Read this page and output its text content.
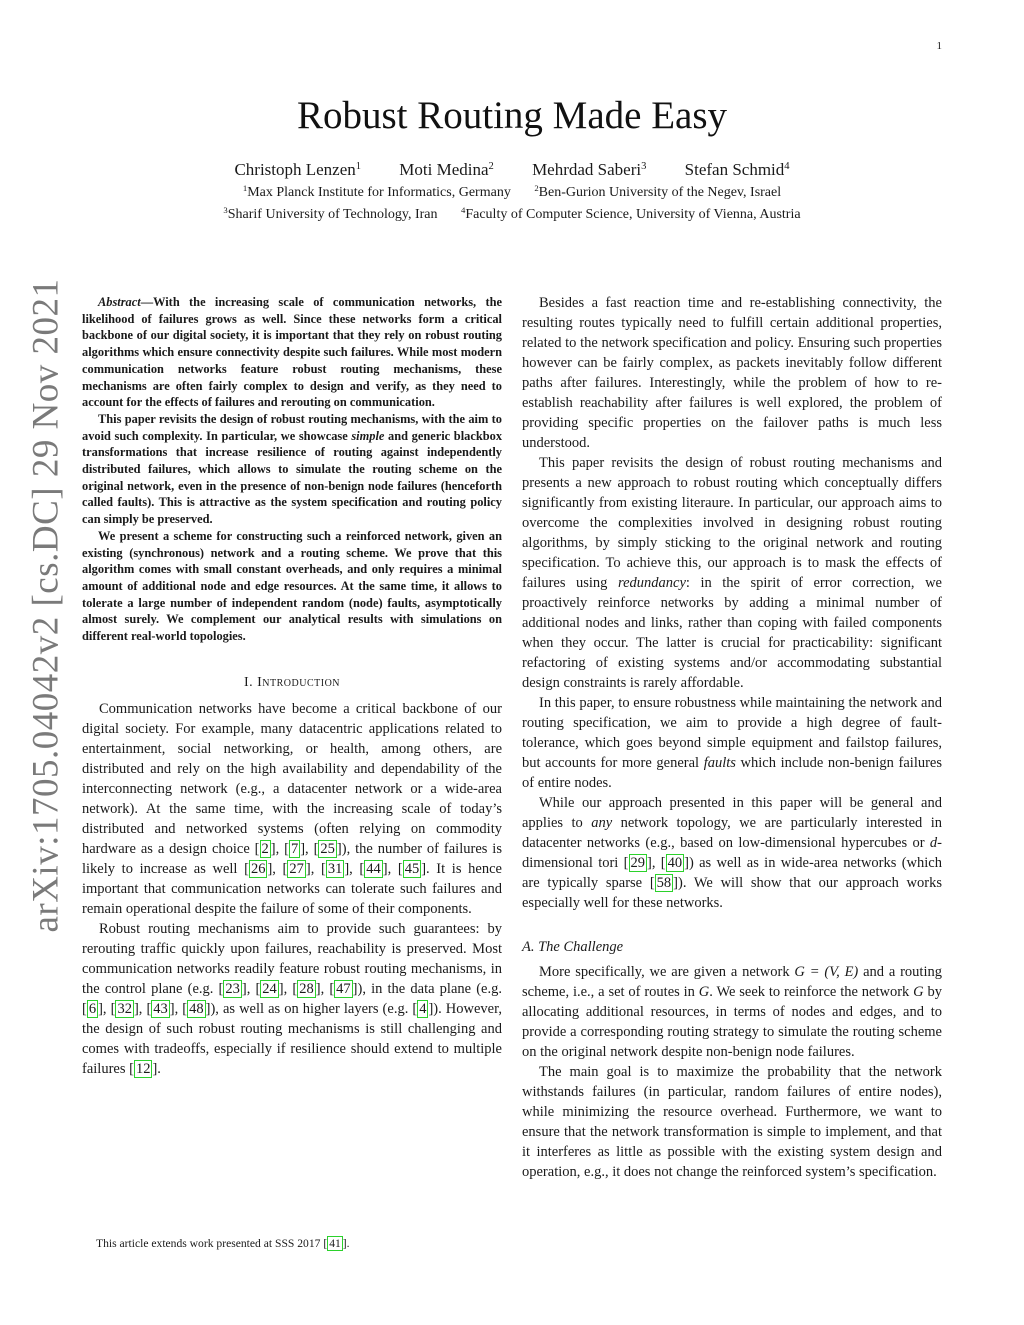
1
arXiv:1705.04042v2 [cs.DC] 29 Nov 2021
Robust Routing Made Easy
Christoph Lenzen$^1$ Moti Medina$^2$ Mehrdad Saberi$^3$ Stefan Schmid$^4$
$^1$Max Planck Institute for Informatics, Germany	$^2$Ben-Gurion University of the Negev, Israel
$^3$Sharif University of Technology, Iran	$^4$Faculty of Computer Science, University of Vienna, Austria

Abstract—With the increasing scale of communication networks, the likelihood of failures grows as well. Since these networks form a critical backbone of our digital society, it is important that they rely on robust routing algorithms which ensure connectivity despite such failures. While most modern communication networks feature robust routing mechanisms, these mechanisms are often fairly complex to design and verify, as they need to account for the effects of failures and rerouting on communication.

This paper revisits the design of robust routing mechanisms, with the aim to avoid such complexity. In particular, we showcase simple and generic blackbox transformations that increase resilience of routing against independently distributed failures, which allows to simulate the routing scheme on the original network, even in the presence of non-benign node failures (henceforth called faults). This is attractive as the system specification and routing policy can simply be preserved.

We present a scheme for constructing such a reinforced network, given an existing (synchronous) network and a routing scheme. We prove that this algorithm comes with small constant overheads, and only requires a minimal amount of additional node and edge resources. At the same time, it allows to tolerate a large number of independent random (node) faults, asymptotically almost surely. We complement our analytical results with simulations on different real-world topologies.

I. Introduction

Communication networks have become a critical backbone of our digital society. For example, many datacentric applications related to entertainment, social networking, or health, among others, are distributed and rely on the high availability and dependability of the interconnecting network (e.g., a datacenter network or a wide-area network). At the same time, with the increasing scale of today’s distributed and networked systems (often relying on commodity hardware as a design choice [ 2 ], [ 7 ], [ 25 ]), the number of failures is likely to increase as well [ 26 ], [ 27 ], [ 31 ], [ 44 ], [ 45 ]. It is hence important that communication networks can tolerate such failures and remain operational despite the failure of some of their components.

Robust routing mechanisms aim to provide such guarantees: by rerouting traffic quickly upon failures, reachability is preserved. Most communication networks readily feature robust routing mechanisms, in the control plane (e.g. [ 23 ], [ 24 ], [ 28 ], [ 47 ]), in the data plane (e.g. [ 6 ], [ 32 ], [ 43 ], [ 48 ]), as well as on higher layers (e.g. [ 4 ]). However, the design of such robust routing mechanisms is still challenging and comes with tradeoffs, especially if resilience should extend to multiple failures [ 12 ].

This article extends work presented at SSS 2017 [ 41 ].

Besides a fast reaction time and re-establishing connectivity, the resulting routes typically need to fulfill certain additional properties, related to the network specification and policy. Ensuring such properties however can be fairly complex, as packets inevitably follow different paths after failures. Interestingly, while the problem of how to re-establish reachability after failures is well explored, the problem of providing specific properties on the failover paths is much less understood.

This paper revisits the design of robust routing mechanisms and presents a new approach to robust routing which conceptually differs significantly from existing literaure. In particular, our approach aims to overcome the complexities involved in designing robust routing algorithms, by simply sticking to the original network and routing specification. To achieve this, our approach is to mask the effects of failures using redundancy: in the spirit of error correction, we proactively reinforce networks by adding a minimal number of additional nodes and links, rather than coping with failed components when they occur. The latter is crucial for practicability: significant refactoring of existing systems and/or accommodating substantial design constraints is rarely affordable.

In this paper, to ensure robustness while maintaining the network and routing specification, we aim to provide a high degree of fault-tolerance, which goes beyond simple equipment and failstop failures, but accounts for more general faults which include non-benign failures of entire nodes.

While our approach presented in this paper will be general and applies to any network topology, we are particularly interested in datacenter networks (e.g., based on low-dimensional hypercubes or d-dimensional tori [ 29 ], [ 40 ]) as well as in wide-area networks (which are typically sparse [ 58 ]). We will show that our approach works especially well for these networks.

A. The Challenge

More specifically, we are given a network G = (V, E) and a routing scheme, i.e., a set of routes in G. We seek to reinforce the network G by allocating additional resources, in terms of nodes and edges, and to provide a corresponding routing strategy to simulate the routing scheme on the original network despite non-benign node failures.

The main goal is to maximize the probability that the network withstands failures (in particular, random failures of entire nodes), while minimizing the resource overhead. Furthermore, we want to ensure that the network transformation is simple to implement, and that it interferes as little as possible with the existing system design and operation, e.g., it does not change the reinforced system’s specification.
